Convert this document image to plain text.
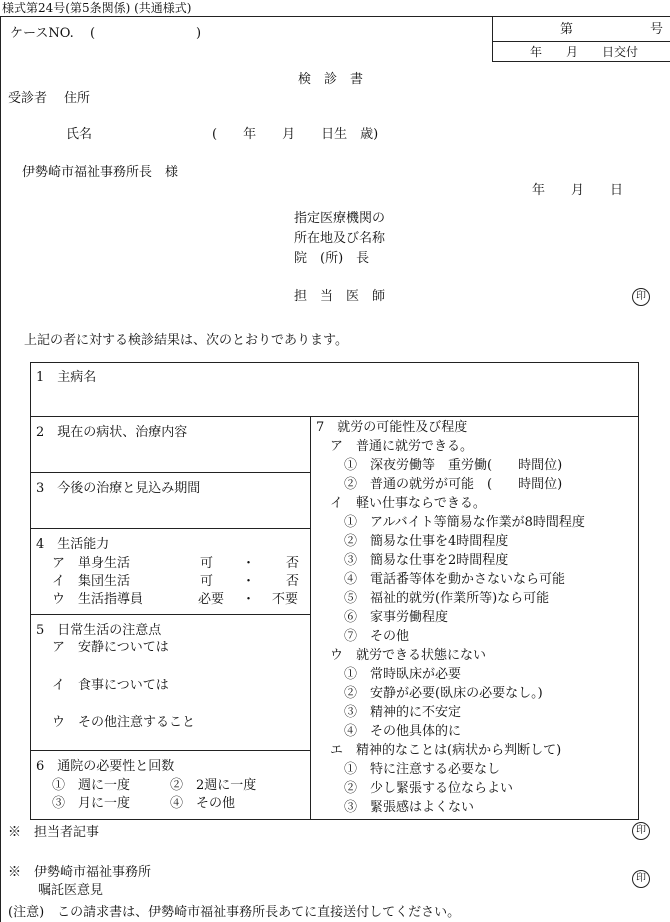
様式第24号(第5条関係) (共通様式)
ケースNO. (	)	第	号
年　　月　　日交付
検　診　書
受診者 住所
氏名	(　　年　　月　　日生　歳)
伊勢崎市福祉事務所長　様
年　　月　　日
指定医療機関の
所在地及び名称
院　(所)　長
担　当　医　師	印
上記の者に対する検診結果は、次のとおりであります。
1　主病名
2　現在の病状、治療内容
3　今後の治療と見込み期間
4　生活能力
ア　単身生活	可 ・ 否
イ　集団生活	可 ・ 否
ウ　生活指導員	必要 ・ 不要
5　日常生活の注意点
ア　安静については
イ　食事については
ウ　その他注意すること
6　通院の必要性と回数
①　週に一度	②　2週に一度
③　月に一度	④　その他
7　就労の可能性及び程度
ア　普通に就労できる。
①　深夜労働等　重労働(　　時間位)
②　普通の就労が可能　(　　時間位)
イ　軽い仕事ならできる。
①　アルバイト等簡易な作業が8時間程度
②　簡易な仕事を4時間程度
③　簡易な仕事を2時間程度
④　電話番等体を動かさないなら可能
⑤　福祉的就労(作業所等)なら可能
⑥　家事労働程度
⑦　その他
ウ　就労できる状態にない
①　常時臥床が必要
②　安静が必要(臥床の必要なし。)
③　精神的に不安定
④　その他具体的に
エ　精神的なことは(病状から判断して)
①　特に注意する必要なし
②　少し緊張する位ならよい
③　緊張感はよくない
※　担当者記事	印
※　伊勢崎市福祉事務所
嘱託医意見
印
(注意)　この請求書は、伊勢崎市福祉事務所長あてに直接送付してください。
